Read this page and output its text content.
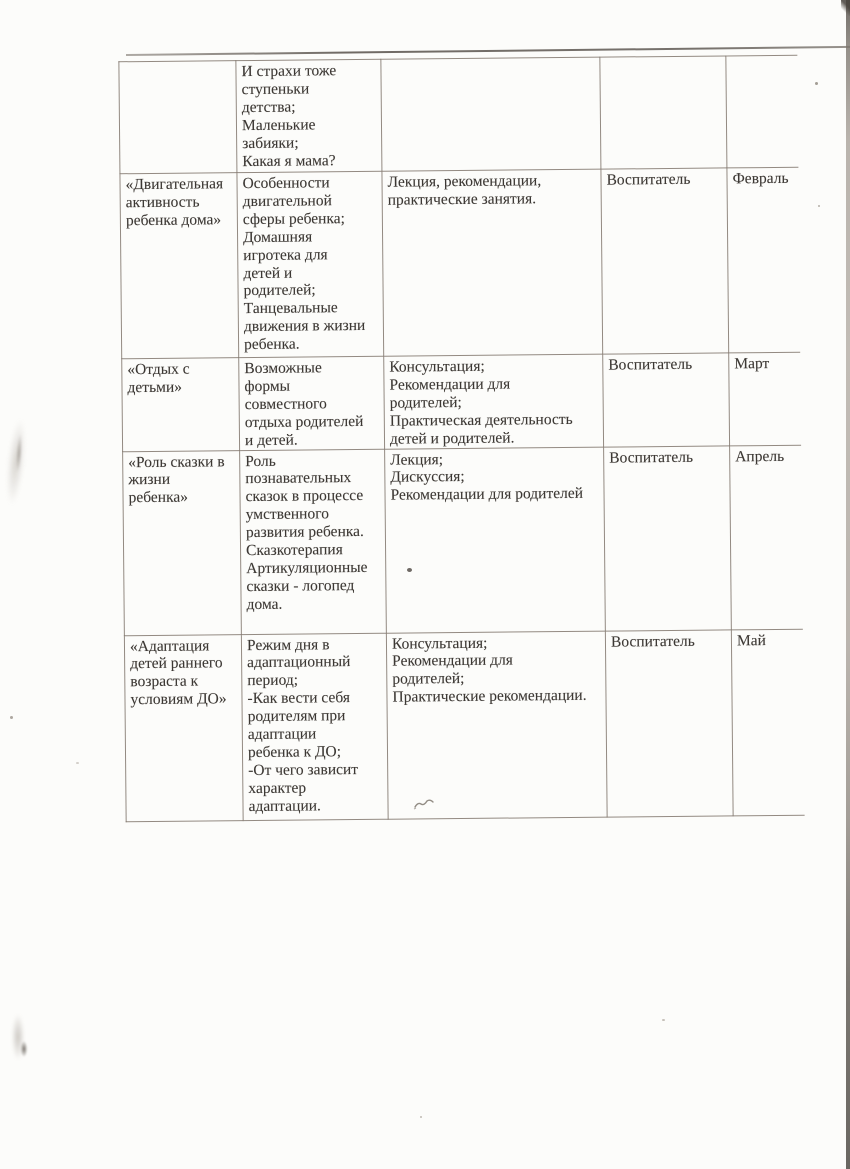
	И страхи тоже
ступеньки
детства;
Маленькие
забияки;
Какая я мама?			
«Двигательная
активность
ребенка дома»	Особенности
двигательной
сферы ребенка;
Домашняя
игротека для
детей и
родителей;
Танцевальные
движения в жизни
ребенка.	Лекция, рекомендации,
практические занятия.	Воспитатель	Февраль
«Отдых с
детьми»	Возможные
формы
совместного
отдыха родителей
и детей.	Консультация;
Рекомендации для
родителей;
Практическая деятельность
детей и родителей.	Воспитатель	Март
«Роль сказки в
жизни
ребенка»	Роль
познавательных
сказок в процессе
умственного
развития ребенка.
Сказкотерапия
Артикуляционные
сказки - логопед
дома.	Лекция;
Дискуссия;
Рекомендации для родителей	Воспитатель	Апрель
«Адаптация
детей раннего
возраста к
условиям ДО»	Режим дня в
адаптационный
период;
-Как вести себя
родителям при
адаптации
ребенка к ДО;
-От чего зависит
характер
адаптации.	Консультация;
Рекомендации для
родителей;
Практические рекомендации.	Воспитатель	Май
